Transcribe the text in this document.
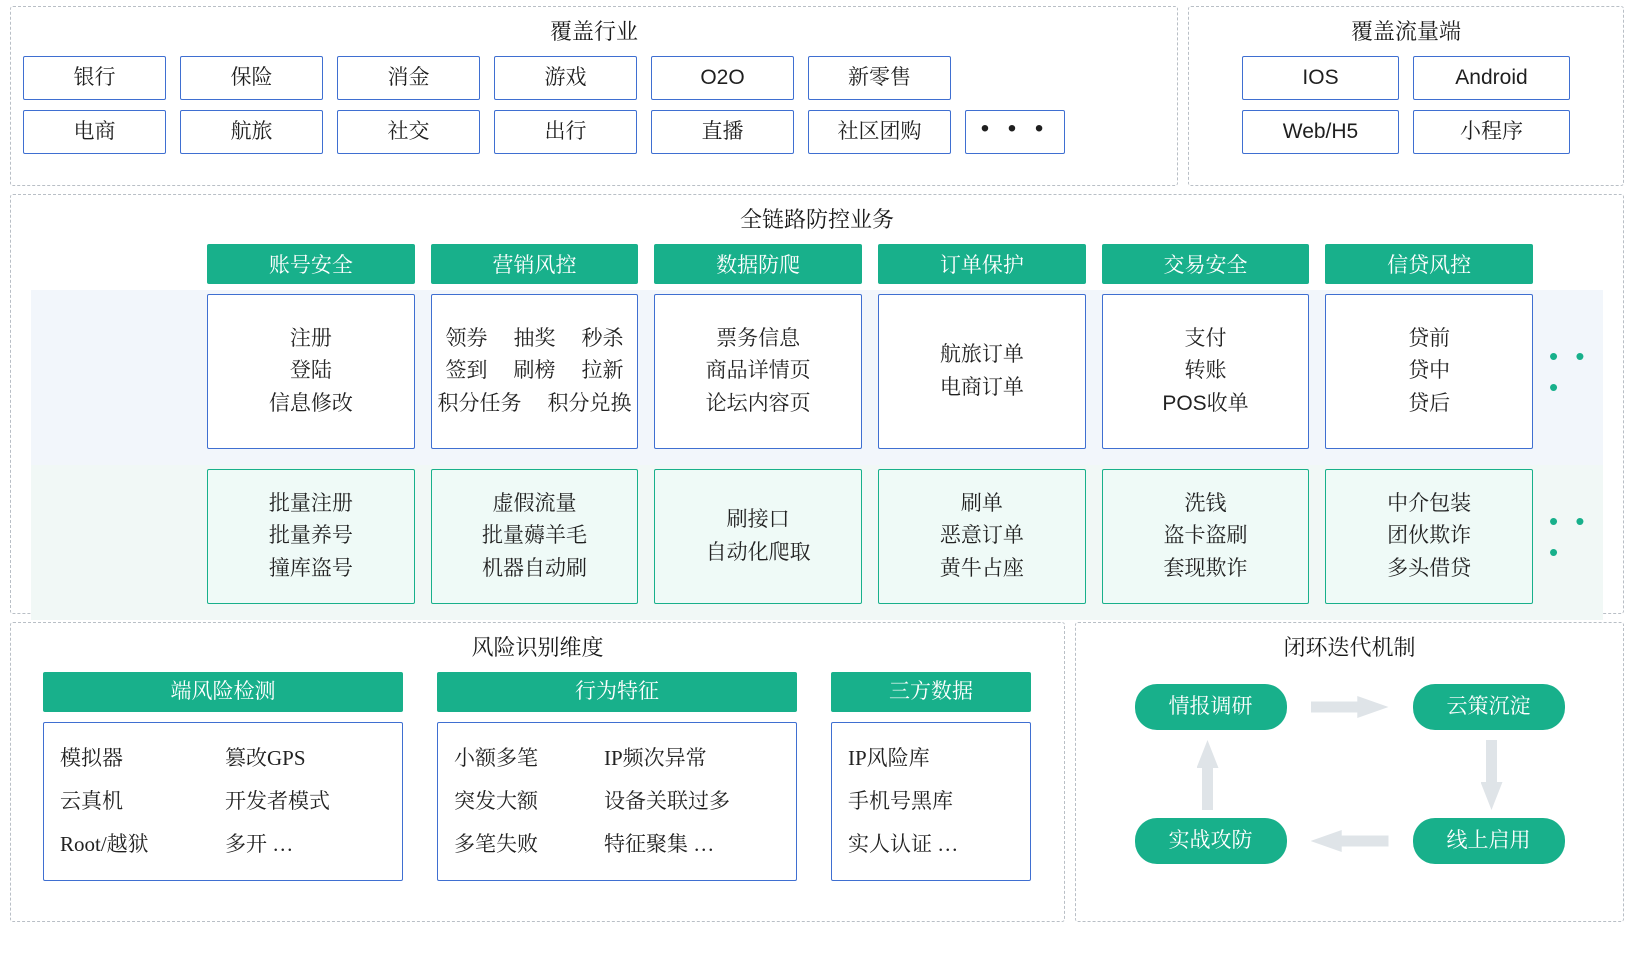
覆盖行业
银行	保险	消金	游戏	O2O	新零售
电商	航旅	社交	出行	直播	社区团购	• • •
覆盖流量端
IOS	Android
Web/H5	小程序
全链路防控业务
账号安全	营销风控	数据防爬	订单保护	交易安全	信贷风控
注册
登陆
信息修改
领券 抽奖 秒杀
签到 刷榜 拉新
积分任务 积分兑换
票务信息
商品详情页
论坛内容页
航旅订单
电商订单
支付
转账
POS收单
贷前
贷中
贷后
• • •
批量注册
批量养号
撞库盗号
虚假流量
批量薅羊毛
机器自动刷
刷接口
自动化爬取
刷单
恶意订单
黄牛占座
洗钱
盗卡盗刷
套现欺诈
中介包装
团伙欺诈
多头借贷
• • •
风险识别维度
端风险检测
模拟器	篡改GPS
云真机	开发者模式
Root/越狱	多开 …
行为特征
小额多笔	IP频次异常
突发大额	设备关联过多
多笔失败	特征聚集 …
三方数据
IP风险库
手机号黑库
实人认证 …
闭环迭代机制
情报调研	云策沉淀
线上启用
实战攻防
